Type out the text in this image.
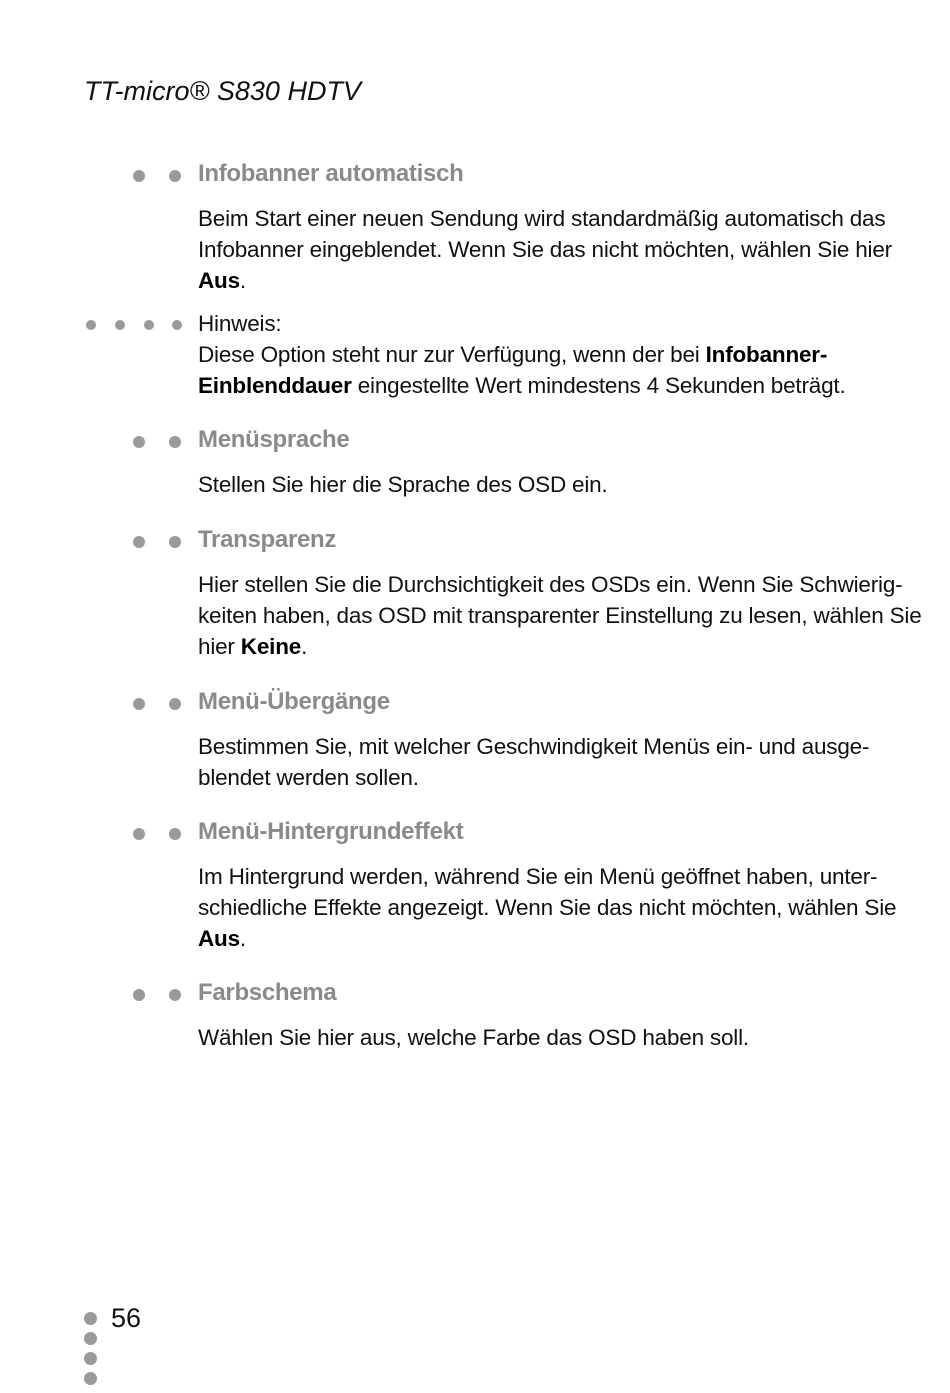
TT-micro® S830 HDTV
Infobanner automatisch
Beim Start einer neuen Sendung wird standardmäßig automatisch das
Infobanner eingeblendet. Wenn Sie das nicht möchten, wählen Sie hier
Aus.
Hinweis:
Diese Option steht nur zur Verfügung, wenn der bei Infobanner-
Einblenddauer eingestellte Wert mindestens 4 Sekunden beträgt.
Menüsprache
Stellen Sie hier die Sprache des OSD ein.
Transparenz
Hier stellen Sie die Durchsichtigkeit des OSDs ein. Wenn Sie Schwierig-
keiten haben, das OSD mit transparenter Einstellung zu lesen, wählen Sie
hier Keine.
Menü-Übergänge
Bestimmen Sie, mit welcher Geschwindigkeit Menüs ein- und ausge-
blendet werden sollen.
Menü-Hintergrundeffekt
Im Hintergrund werden, während Sie ein Menü geöffnet haben, unter-
schiedliche Effekte angezeigt. Wenn Sie das nicht möchten, wählen Sie
Aus.
Farbschema
Wählen Sie hier aus, welche Farbe das OSD haben soll.
56
